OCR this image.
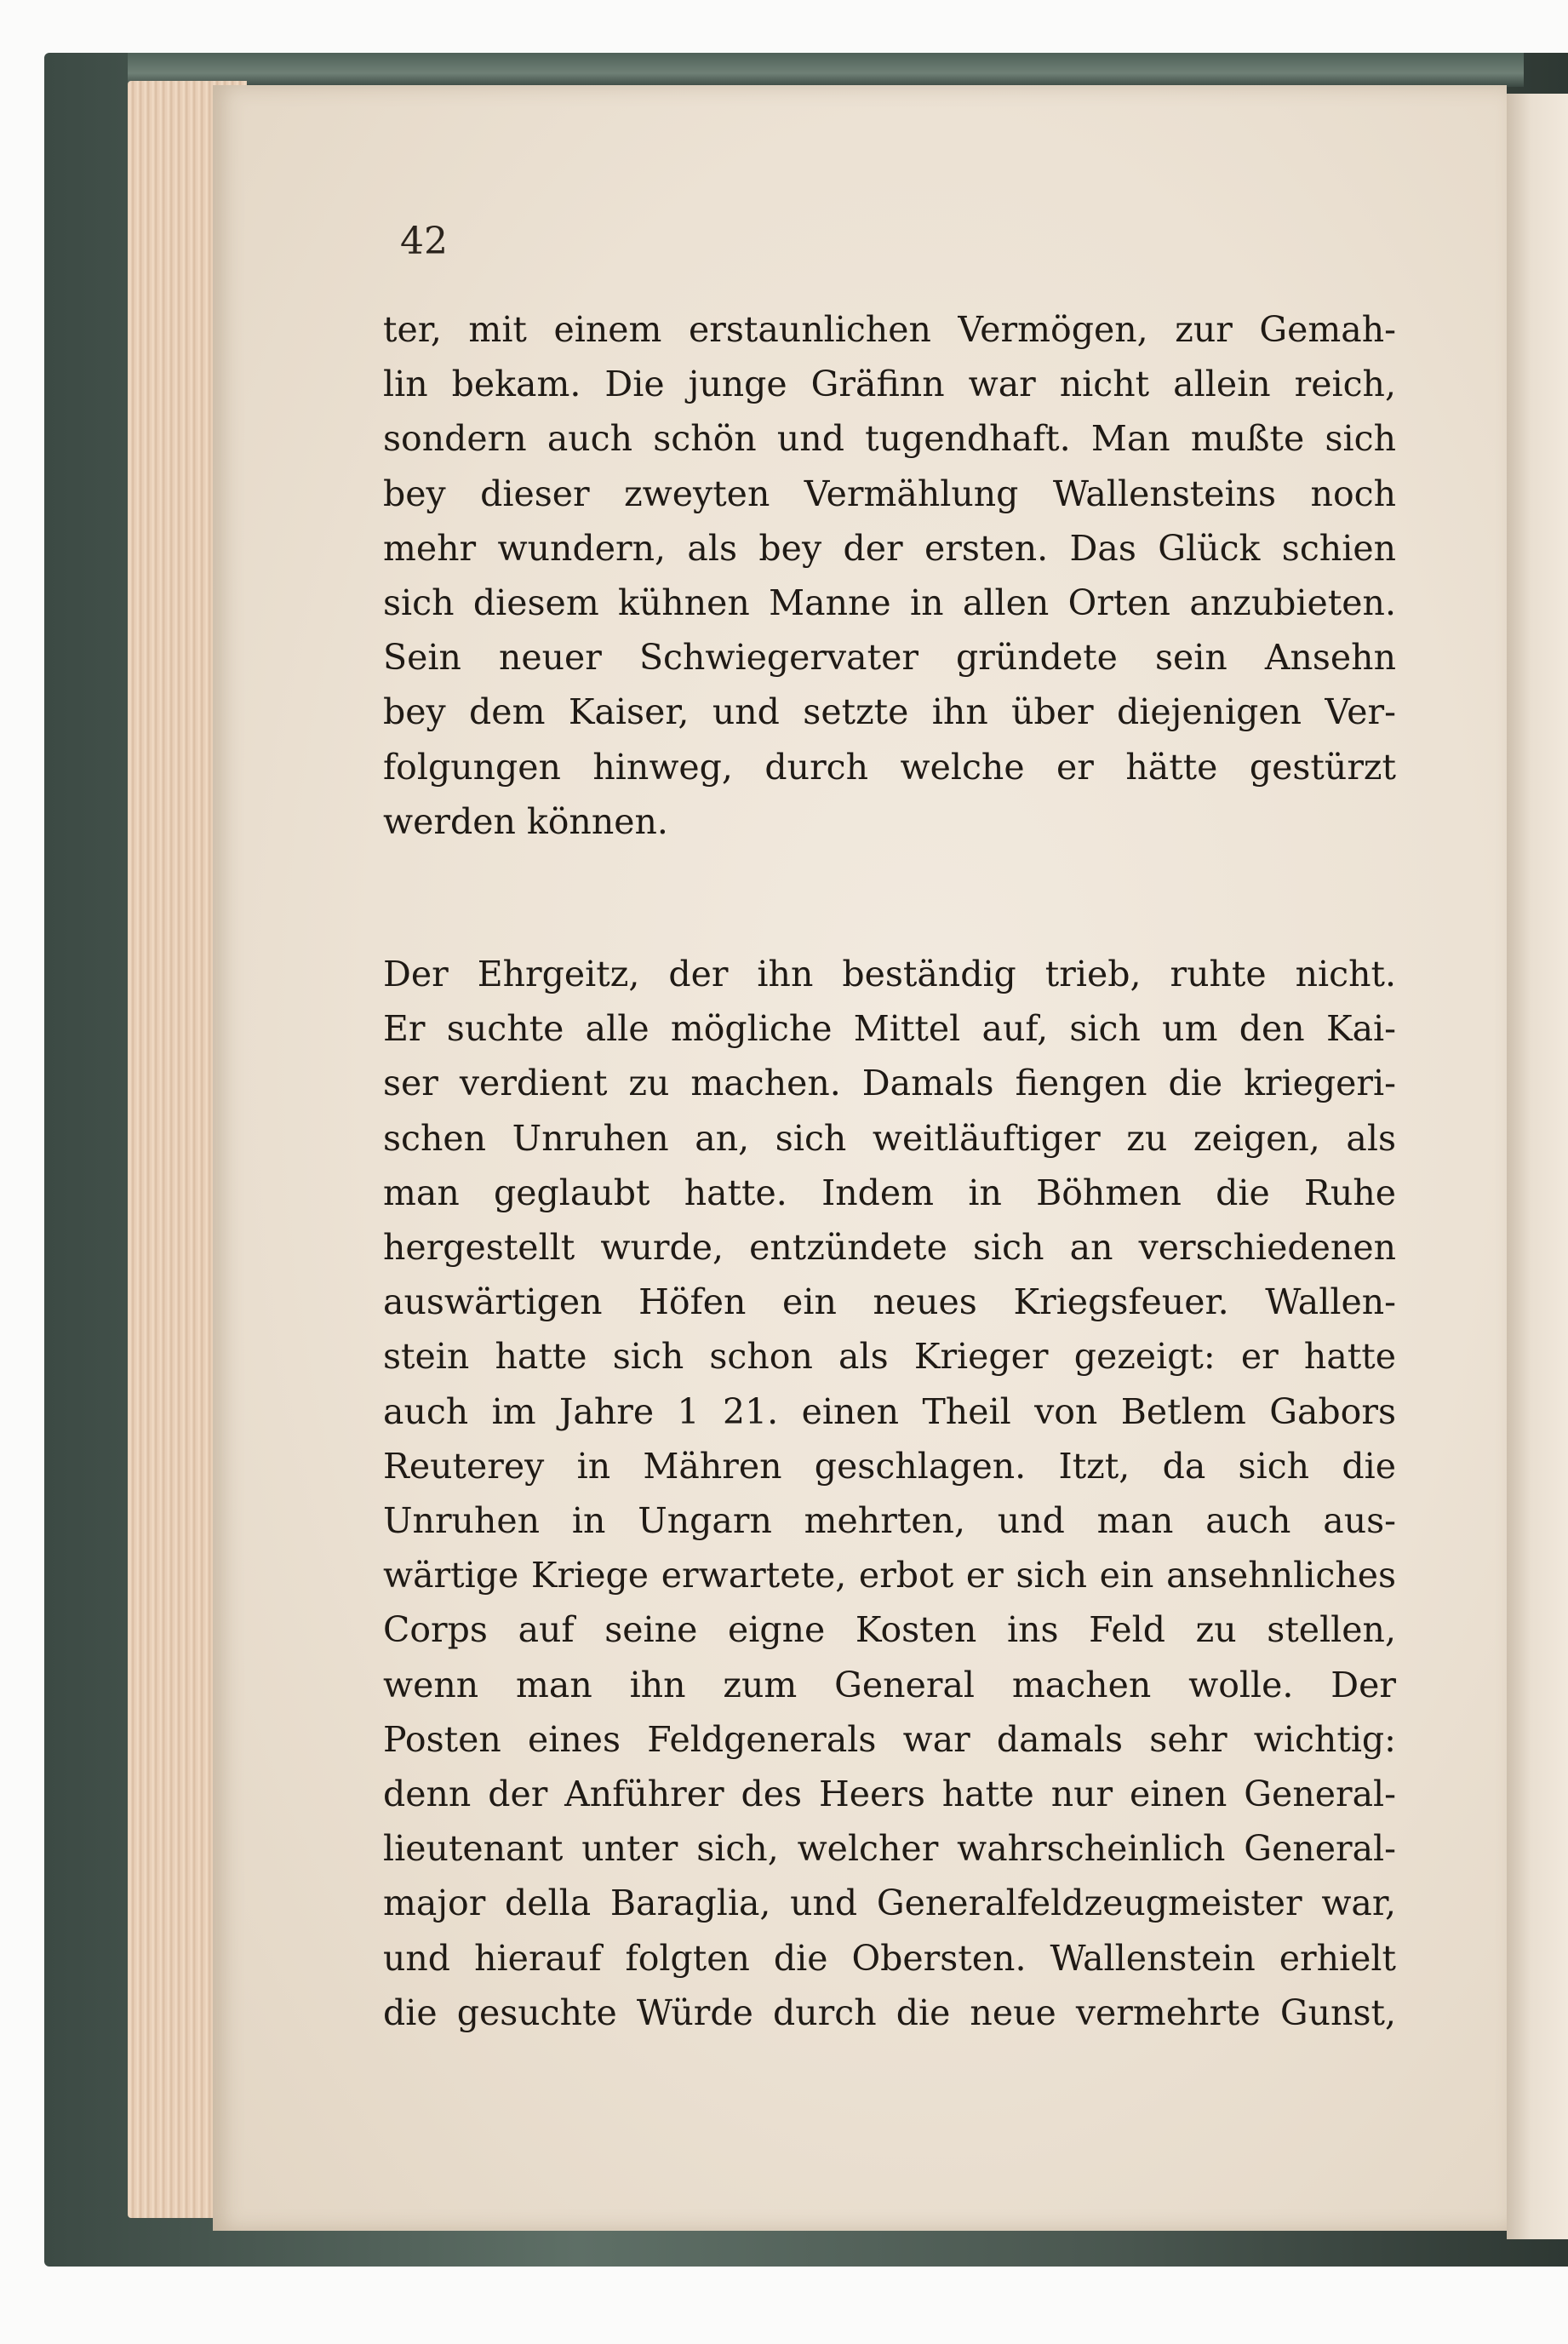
42

ter, mit einem erstaunlichen Vermögen, zur Gemah-
lin bekam. Die junge Gräfinn war nicht allein reich,
sondern auch schön und tugendhaft. Man mußte sich
bey dieser zweyten Vermählung Wallensteins noch
mehr wundern, als bey der ersten. Das Glück schien
sich diesem kühnen Manne in allen Orten anzubieten.
Sein neuer Schwiegervater gründete sein Ansehn
bey dem Kaiser, und setzte ihn über diejenigen Ver-
folgungen hinweg, durch welche er hätte gestürzt
werden können.
Der Ehrgeitz, der ihn beständig trieb, ruhte nicht.
Er suchte alle mögliche Mittel auf, sich um den Kai-
ser verdient zu machen. Damals fiengen die kriegeri-
schen Unruhen an, sich weitläuftiger zu zeigen, als
man geglaubt hatte. Indem in Böhmen die Ruhe
hergestellt wurde, entzündete sich an verschiedenen
auswärtigen Höfen ein neues Kriegsfeuer. Wallen-
stein hatte sich schon als Krieger gezeigt: er hatte
auch im Jahre 1 21. einen Theil von Betlem Gabors
Reuterey in Mähren geschlagen. Itzt, da sich die
Unruhen in Ungarn mehrten, und man auch aus-
wärtige Kriege erwartete, erbot er sich ein ansehnliches
Corps auf seine eigne Kosten ins Feld zu stellen,
wenn man ihn zum General machen wolle. Der
Posten eines Feldgenerals war damals sehr wichtig:
denn der Anführer des Heers hatte nur einen General-
lieutenant unter sich, welcher wahrscheinlich General-
major della Baraglia, und Generalfeldzeugmeister war,
und hierauf folgten die Obersten. Wallenstein erhielt
die gesuchte Würde durch die neue vermehrte Gunst,
